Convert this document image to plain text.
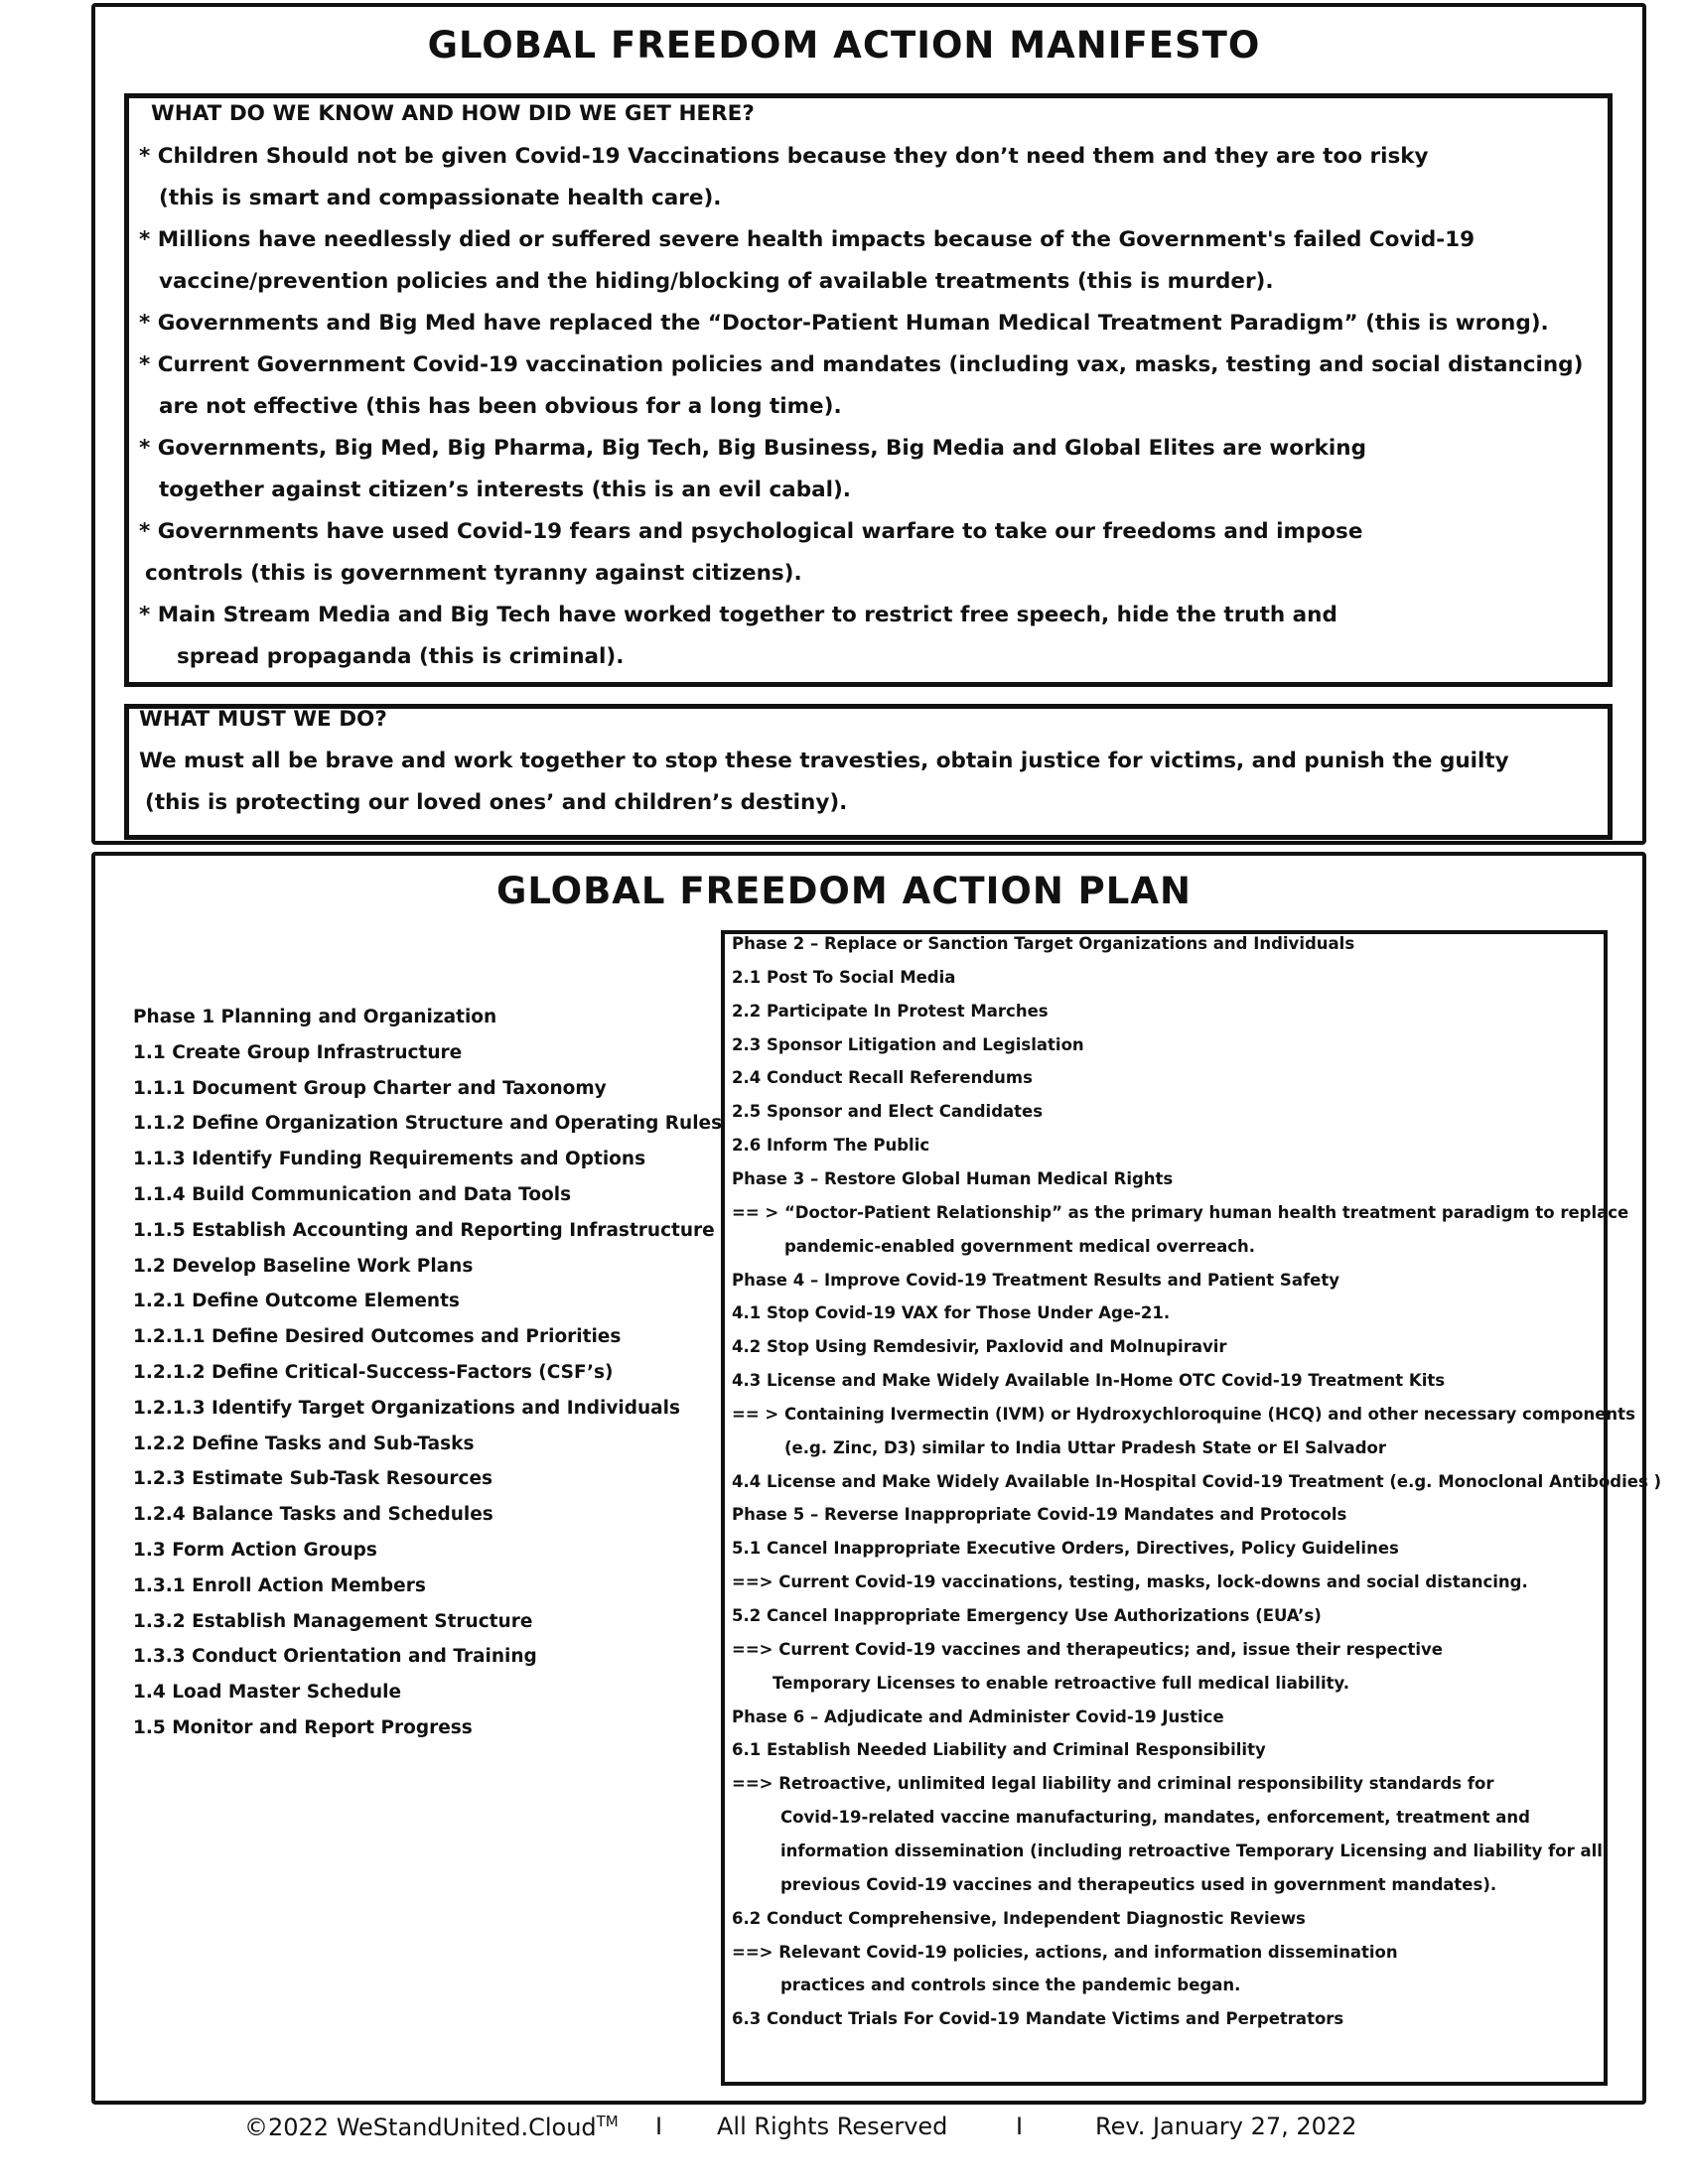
GLOBAL FREEDOM ACTION MANIFESTO
WHAT DO WE KNOW AND HOW DID WE GET HERE?
* Children Should not be given Covid-19 Vaccinations because they don’t need them and they are too risky
(this is smart and compassionate health care).
* Millions have needlessly died or suffered severe health impacts because of the Government's failed Covid-19
vaccine/prevention policies and the hiding/blocking of available treatments (this is murder).
* Governments and Big Med have replaced the “Doctor-Patient Human Medical Treatment Paradigm” (this is wrong).
* Current Government Covid-19 vaccination policies and mandates (including vax, masks, testing and social distancing)
are not effective (this has been obvious for a long time).
* Governments, Big Med, Big Pharma, Big Tech, Big Business, Big Media and Global Elites are working
together against citizen’s interests (this is an evil cabal).
* Governments have used Covid-19 fears and psychological warfare to take our freedoms and impose
controls (this is government tyranny against citizens).
* Main Stream Media and Big Tech have worked together to restrict free speech, hide the truth and
spread propaganda (this is criminal).
WHAT MUST WE DO?
We must all be brave and work together to stop these travesties, obtain justice for victims, and punish the guilty
(this is protecting our loved ones’ and children’s destiny).
GLOBAL FREEDOM ACTION PLAN
Phase 1 Planning and Organization
1.1 Create Group Infrastructure
1.1.1 Document Group Charter and Taxonomy
1.1.2 Define Organization Structure and Operating Rules
1.1.3 Identify Funding Requirements and Options
1.1.4 Build Communication and Data Tools
1.1.5 Establish Accounting and Reporting Infrastructure
1.2 Develop Baseline Work Plans
1.2.1 Define Outcome Elements
1.2.1.1 Define Desired Outcomes and Priorities
1.2.1.2 Define Critical-Success-Factors (CSF’s)
1.2.1.3 Identify Target Organizations and Individuals
1.2.2 Define Tasks and Sub-Tasks
1.2.3 Estimate Sub-Task Resources
1.2.4 Balance Tasks and Schedules
1.3 Form Action Groups
1.3.1 Enroll Action Members
1.3.2 Establish Management Structure
1.3.3 Conduct Orientation and Training
1.4 Load Master Schedule
1.5 Monitor and Report Progress
Phase 2 – Replace or Sanction Target Organizations and Individuals
2.1 Post To Social Media
2.2 Participate In Protest Marches
2.3 Sponsor Litigation and Legislation
2.4 Conduct Recall Referendums
2.5 Sponsor and Elect Candidates
2.6 Inform The Public
Phase 3 – Restore Global Human Medical Rights
== > “Doctor-Patient Relationship” as the primary human health treatment paradigm to replace
pandemic-enabled government medical overreach.
Phase 4 – Improve Covid-19 Treatment Results and Patient Safety
4.1 Stop Covid-19 VAX for Those Under Age-21.
4.2 Stop Using Remdesivir, Paxlovid and Molnupiravir
4.3 License and Make Widely Available In-Home OTC Covid-19 Treatment Kits
== > Containing Ivermectin (IVM) or Hydroxychloroquine (HCQ) and other necessary components
(e.g. Zinc, D3) similar to India Uttar Pradesh State or El Salvador
4.4 License and Make Widely Available In-Hospital Covid-19 Treatment (e.g. Monoclonal Antibodies )
Phase 5 – Reverse Inappropriate Covid-19 Mandates and Protocols
5.1 Cancel Inappropriate Executive Orders, Directives, Policy Guidelines
==> Current Covid-19 vaccinations, testing, masks, lock-downs and social distancing.
5.2 Cancel Inappropriate Emergency Use Authorizations (EUA’s)
==> Current Covid-19 vaccines and therapeutics; and, issue their respective
Temporary Licenses to enable retroactive full medical liability.
Phase 6 – Adjudicate and Administer Covid-19 Justice
6.1 Establish Needed Liability and Criminal Responsibility
==> Retroactive, unlimited legal liability and criminal responsibility standards for
Covid-19-related vaccine manufacturing, mandates, enforcement, treatment and
information dissemination (including retroactive Temporary Licensing and liability for all
previous Covid-19 vaccines and therapeutics used in government mandates).
6.2 Conduct Comprehensive, Independent Diagnostic Reviews
==> Relevant Covid-19 policies, actions, and information dissemination
practices and controls since the pandemic began.
6.3 Conduct Trials For Covid-19 Mandate Victims and Perpetrators
©2022 WeStandUnited.Cloud™ I All Rights Reserved	I	Rev. January 27, 2022
